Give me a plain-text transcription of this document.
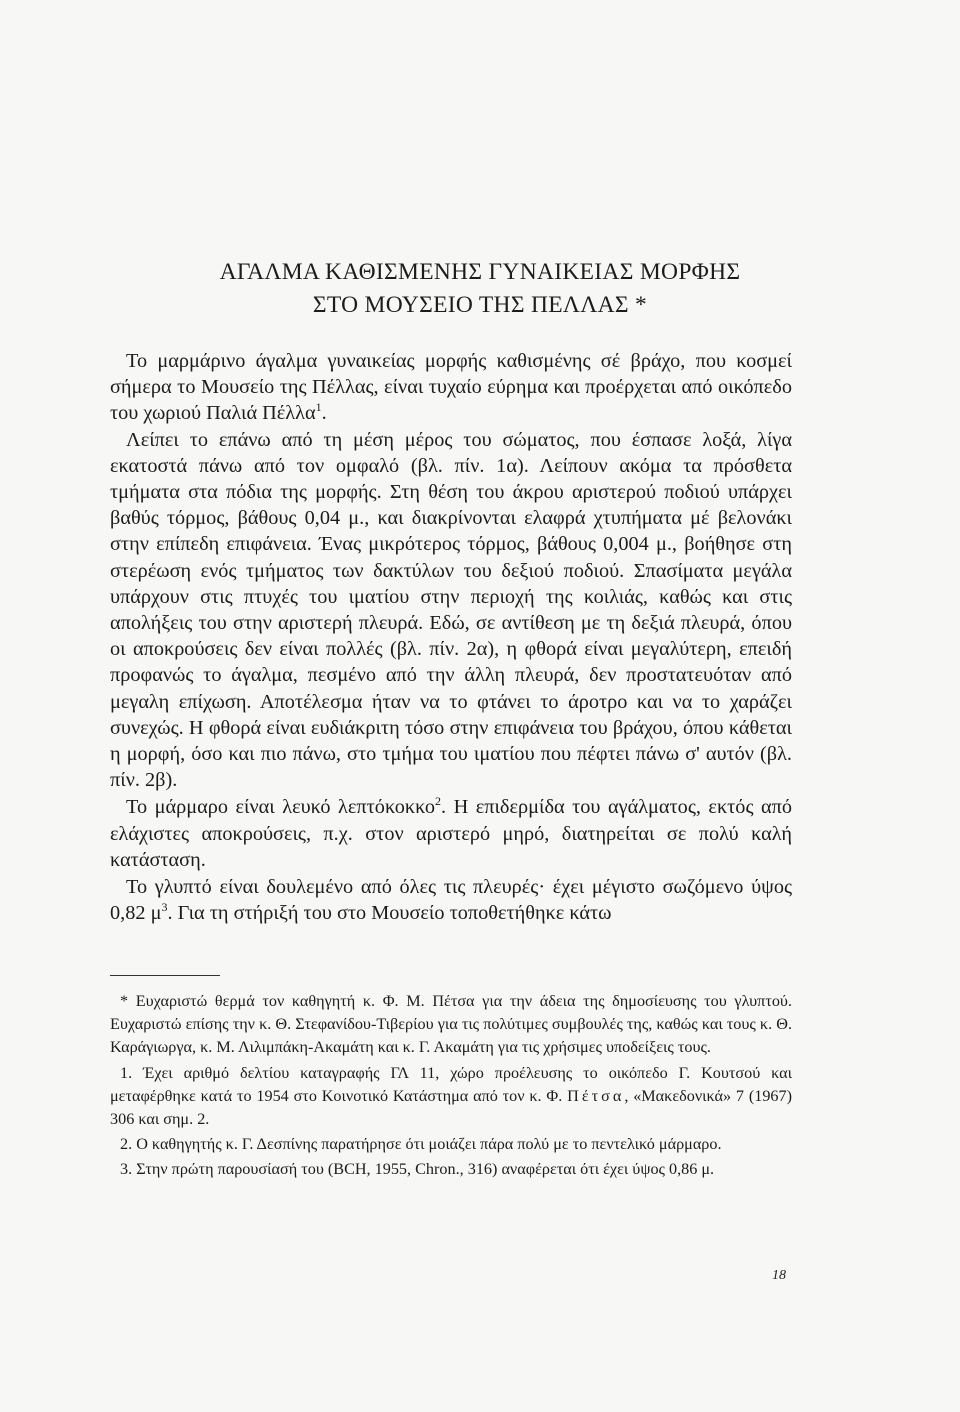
ΑΓΑΛΜΑ ΚΑΘΙΣΜΕΝΗΣ ΓΥΝΑΙΚΕΙΑΣ ΜΟΡΦΗΣ
ΣΤΟ ΜΟΥΣΕΙΟ ΤΗΣ ΠΕΛΛΑΣ *

Το μαρμάρινο άγαλμα γυναικείας μορφής καθισμένης σέ βράχο, που κοσμεί σήμερα το Μουσείο της Πέλλας, είναι τυχαίο εύρημα και προέρχεται από οικόπεδο του χωριού Παλιά Πέλλα$^1$.

Λείπει το επάνω από τη μέση μέρος του σώματος, που έσπασε λοξά, λίγα εκατοστά πάνω από τον ομφαλό (βλ. πίν. 1α). Λείπουν ακόμα τα πρόσθετα τμήματα στα πόδια της μορφής. Στη θέση του άκρου αριστερού ποδιού υπάρχει βαθύς τόρμος, βάθους 0,04 μ., και διακρίνονται ελαφρά χτυπήματα μέ βελονάκι στην επίπεδη επιφάνεια. Ένας μικρότερος τόρμος, βάθους 0,004 μ., βοήθησε στη στερέωση ενός τμήματος των δακτύλων του δεξιού ποδιού. Σπασίματα μεγάλα υπάρχουν στις πτυχές του ιματίου στην περιοχή της κοιλιάς, καθώς και στις απολήξεις του στην αριστερή πλευρά. Εδώ, σε αντίθεση με τη δεξιά πλευρά, όπου οι αποκρούσεις δεν είναι πολλές (βλ. πίν. 2α), η φθορά είναι μεγαλύτερη, επειδή προφανώς το άγαλμα, πεσμένο από την άλλη πλευρά, δεν προστατευόταν από μεγαλη επίχωση. Αποτέλεσμα ήταν να το φτάνει το άροτρο και να το χαράζει συνεχώς. Η φθορά είναι ευδιάκριτη τόσο στην επιφάνεια του βράχου, όπου κάθεται η μορφή, όσο και πιο πάνω, στο τμήμα του ιματίου που πέφτει πάνω σ' αυτόν (βλ. πίν. 2β).

Το μάρμαρο είναι λευκό λεπτόκοκκο$^2$. Η επιδερμίδα του αγάλματος, εκτός από ελάχιστες αποκρούσεις, π.χ. στον αριστερό μηρό, διατηρείται σε πολύ καλή κατάσταση.

Το γλυπτό είναι δουλεμένο από όλες τις πλευρές· έχει μέγιστο σωζόμενο ύψος 0,82 $\mu^3$. Για τη στήριξή του στο Μουσείο τοποθετήθηκε κάτω

* Ευχαριστώ θερμά τον καθηγητή κ. Φ. Μ. Πέτσα για την άδεια της δημοσίευσης του γλυπτού. Ευχαριστώ επίσης την κ. Θ. Στεφανίδου-Τιβερίου για τις πολύτιμες συμβουλές της, καθώς και τους κ. Θ. Καράγιωργα, κ. Μ. Λιλιμπάκη-Ακαμάτη και κ. Γ. Ακαμάτη για τις χρήσιμες υποδείξεις τους.

1. Έχει αριθμό δελτίου καταγραφής ΓΛ 11, χώρο προέλευσης το οικόπεδο Γ. Κουτσού και μεταφέρθηκε κατά το 1954 στο Κοινοτικό Κατάστημα από τον κ. Φ. Πέτσα, «Μακεδονικά» 7 (1967) 306 και σημ. 2.

2. Ο καθηγητής κ. Γ. Δεσπίνης παρατήρησε ότι μοιάζει πάρα πολύ με το πεντελικό μάρμαρο.

3. Στην πρώτη παρουσίασή του (BCH, 1955, Chron., 316) αναφέρεται ότι έχει ύψος 0,86 μ.

18
